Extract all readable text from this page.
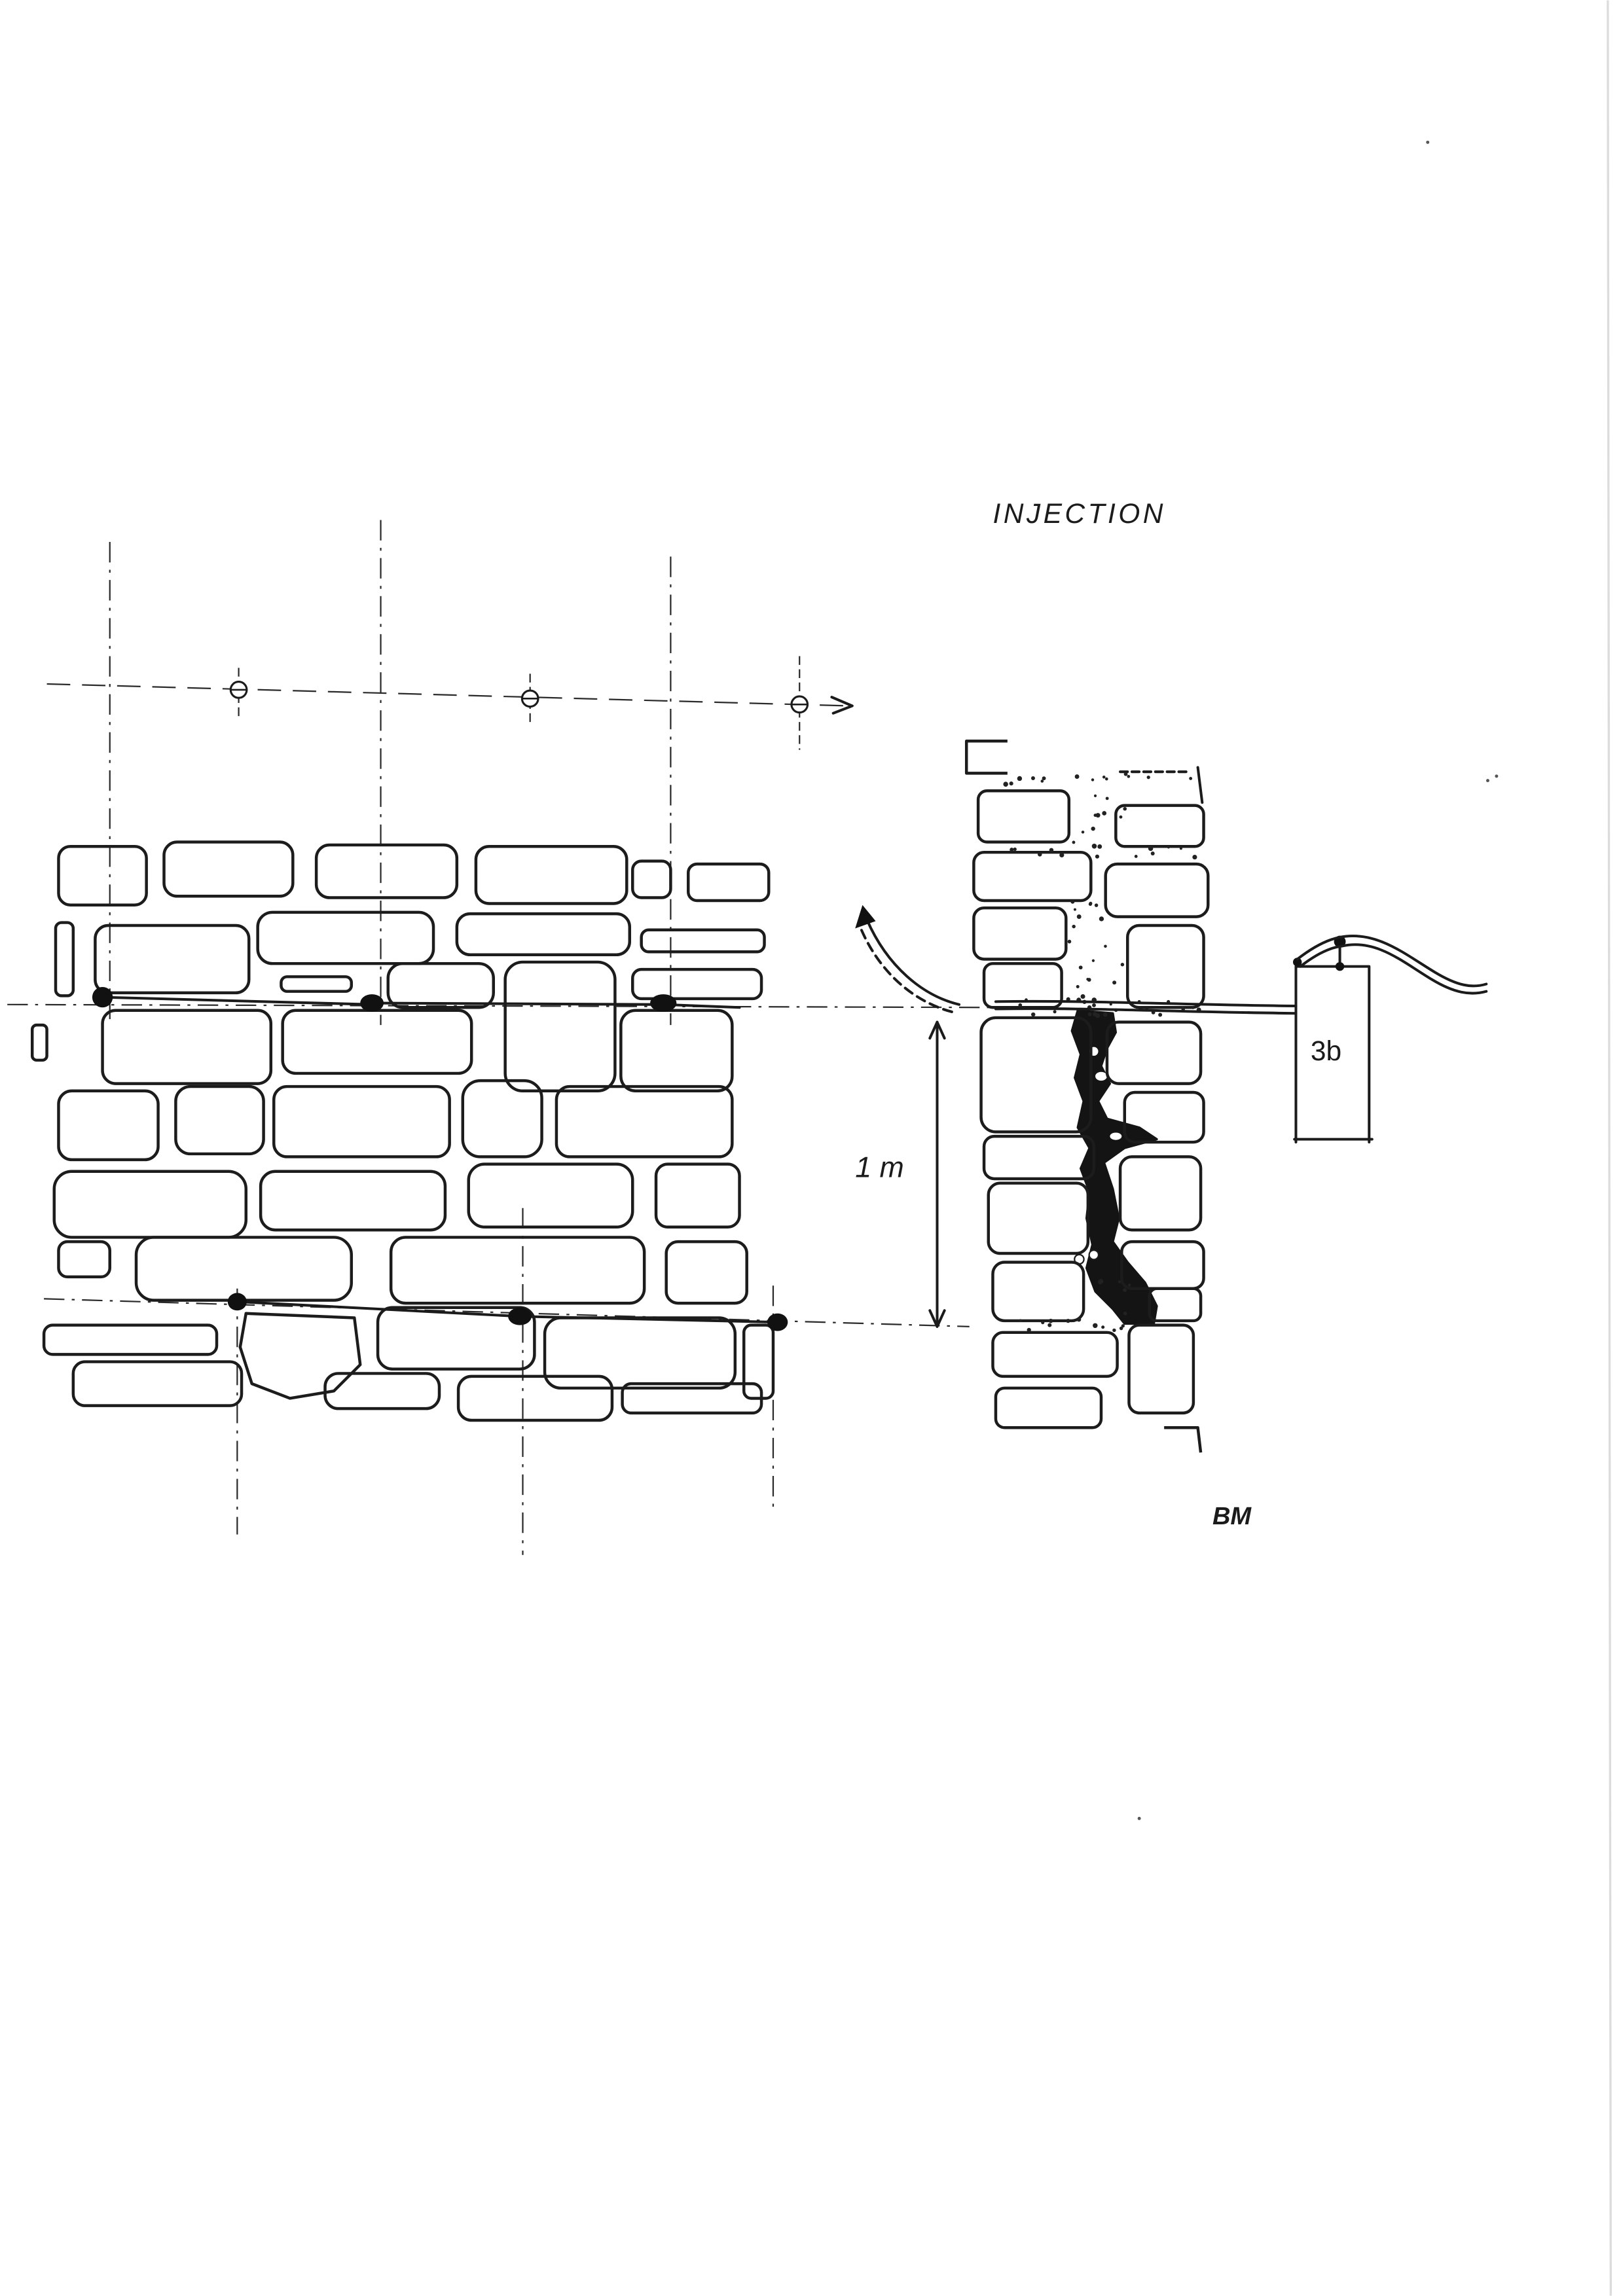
INJECTION
1 m
3b
BM
